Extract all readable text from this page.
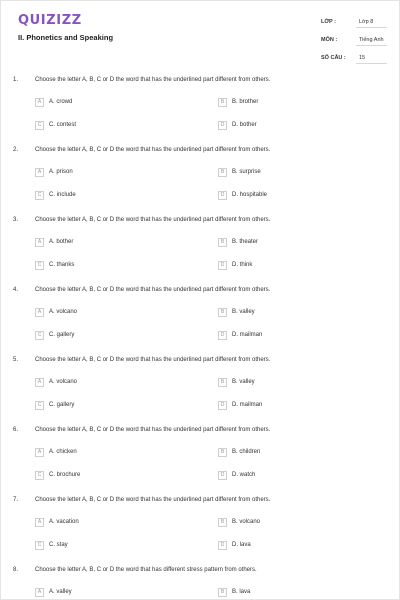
QUIZIZZ
II. Phonetics and Speaking
LỚP :	Lớp 8
MÔN :	Tiếng Anh
SỐ CÂU :	15
1.	Choose the letter A, B, C or D the word that has the underlined part different from others.
A	A. crowd	B	B. brother
C	C. contest	D	D. bother
2.	Choose the letter A, B, C or D the word that has the underlined part different from others.
A	A. prison	B	B. surprise
C	C. include	D	D. hospitable
3.	Choose the letter A, B, C or D the word that has the underlined part different from others.
A	A. bother	B	B. theater
C	C. thanks	D	D. think
4.	Choose the letter A, B, C or D the word that has the underlined part different from others.
A	A. volcano	B	B. valley
C	C. gallery	D	D. mailman
5.	Choose the letter A, B, C or D the word that has the underlined part different from others.
A	A. volcano	B	B. valley
C	C. gallery	D	D. mailman
6.	Choose the letter A, B, C or D the word that has the underlined part different from others.
A	A. chicken	B	B. children
C	C. brochure	D	D. watch
7.	Choose the letter A, B, C or D the word that has the underlined part different from others.
A	A. vacation	B	B. volcano
C	C. stay	D	D. lava
8.	Choose the letter A, B, C or D the word that has different stress pattern from others.
A	A. valley	B	B. lava
